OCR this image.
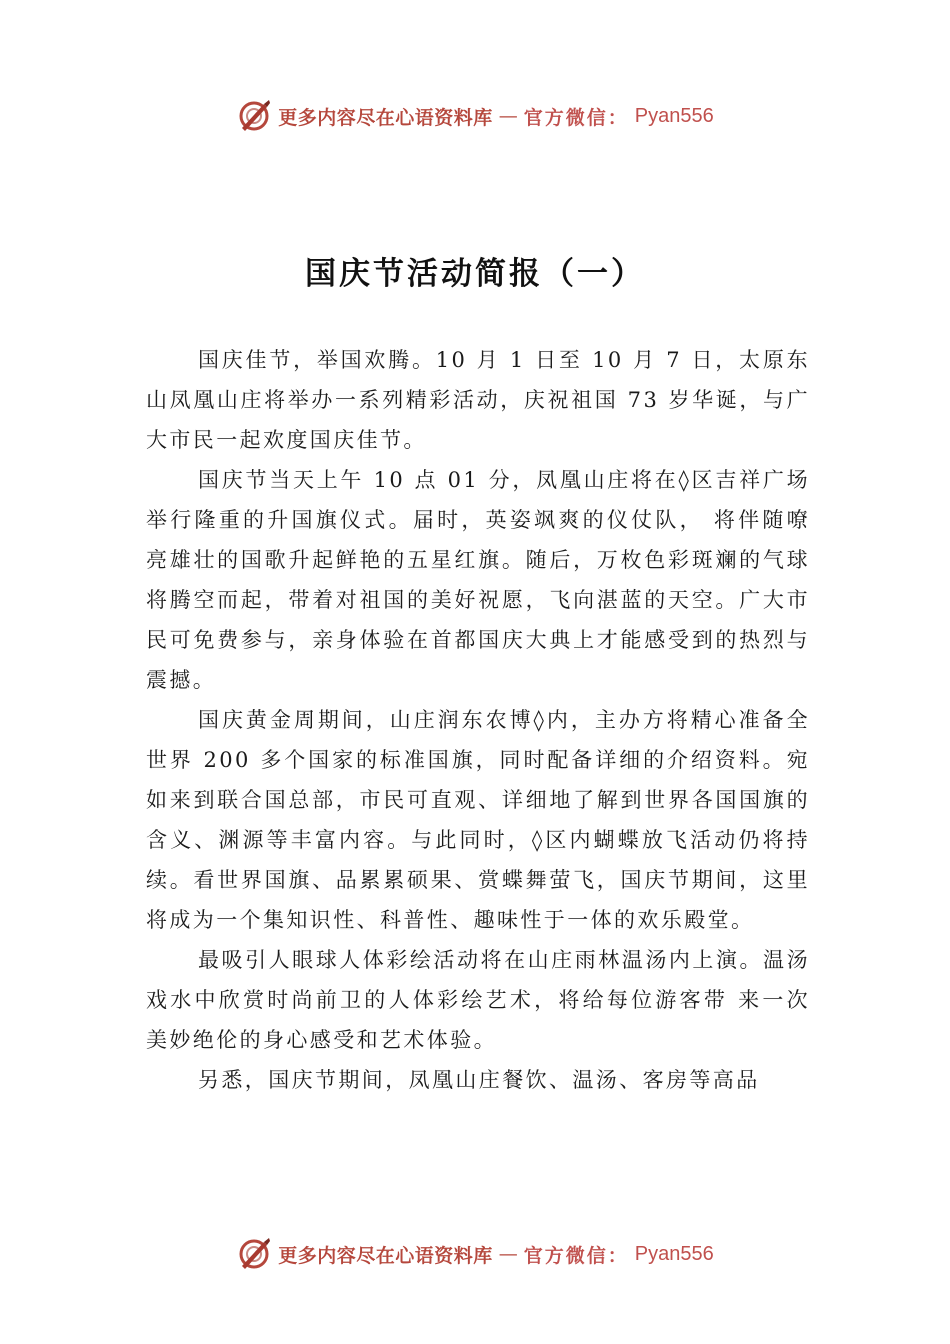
更多内容尽在心语资料库 — 官方微信： Pyan556
国庆节活动简报（一）

国庆佳节，举国欢腾。10 月 1 日至 10 月 7 日，太原东山凤凰山庄将举办一系列精彩活动，庆祝祖国 73 岁华诞，与广大市民一起欢度国庆佳节。

国庆节当天上午 10 点 01 分，凤凰山庄将在◊区吉祥广场举行隆重的升国旗仪式。届时，英姿飒爽的仪仗队， 将伴随嘹亮雄壮的国歌升起鲜艳的五星红旗。随后，万枚色彩斑斓的气球将腾空而起，带着对祖国的美好祝愿，飞向湛蓝的天空。广大市民可免费参与，亲身体验在首都国庆大典上才能感受到的热烈与震撼。

国庆黄金周期间，山庄润东农博◊内，主办方将精心准备全世界 200 多个国家的标准国旗，同时配备详细的介绍资料。宛如来到联合国总部，市民可直观、详细地了解到世界各国国旗的含义、渊源等丰富内容。与此同时，◊区内蝴蝶放飞活动仍将持续。看世界国旗、品累累硕果、赏蝶舞萤飞，国庆节期间，这里将成为一个集知识性、科普性、趣味性于一体的欢乐殿堂。

最吸引人眼球人体彩绘活动将在山庄雨林温汤内上演。温汤戏水中欣赏时尚前卫的人体彩绘艺术，将给每位游客带 来一次美妙绝伦的身心感受和艺术体验。

另悉，国庆节期间，凤凰山庄餐饮、温汤、客房等高品

更多内容尽在心语资料库 — 官方微信： Pyan556
